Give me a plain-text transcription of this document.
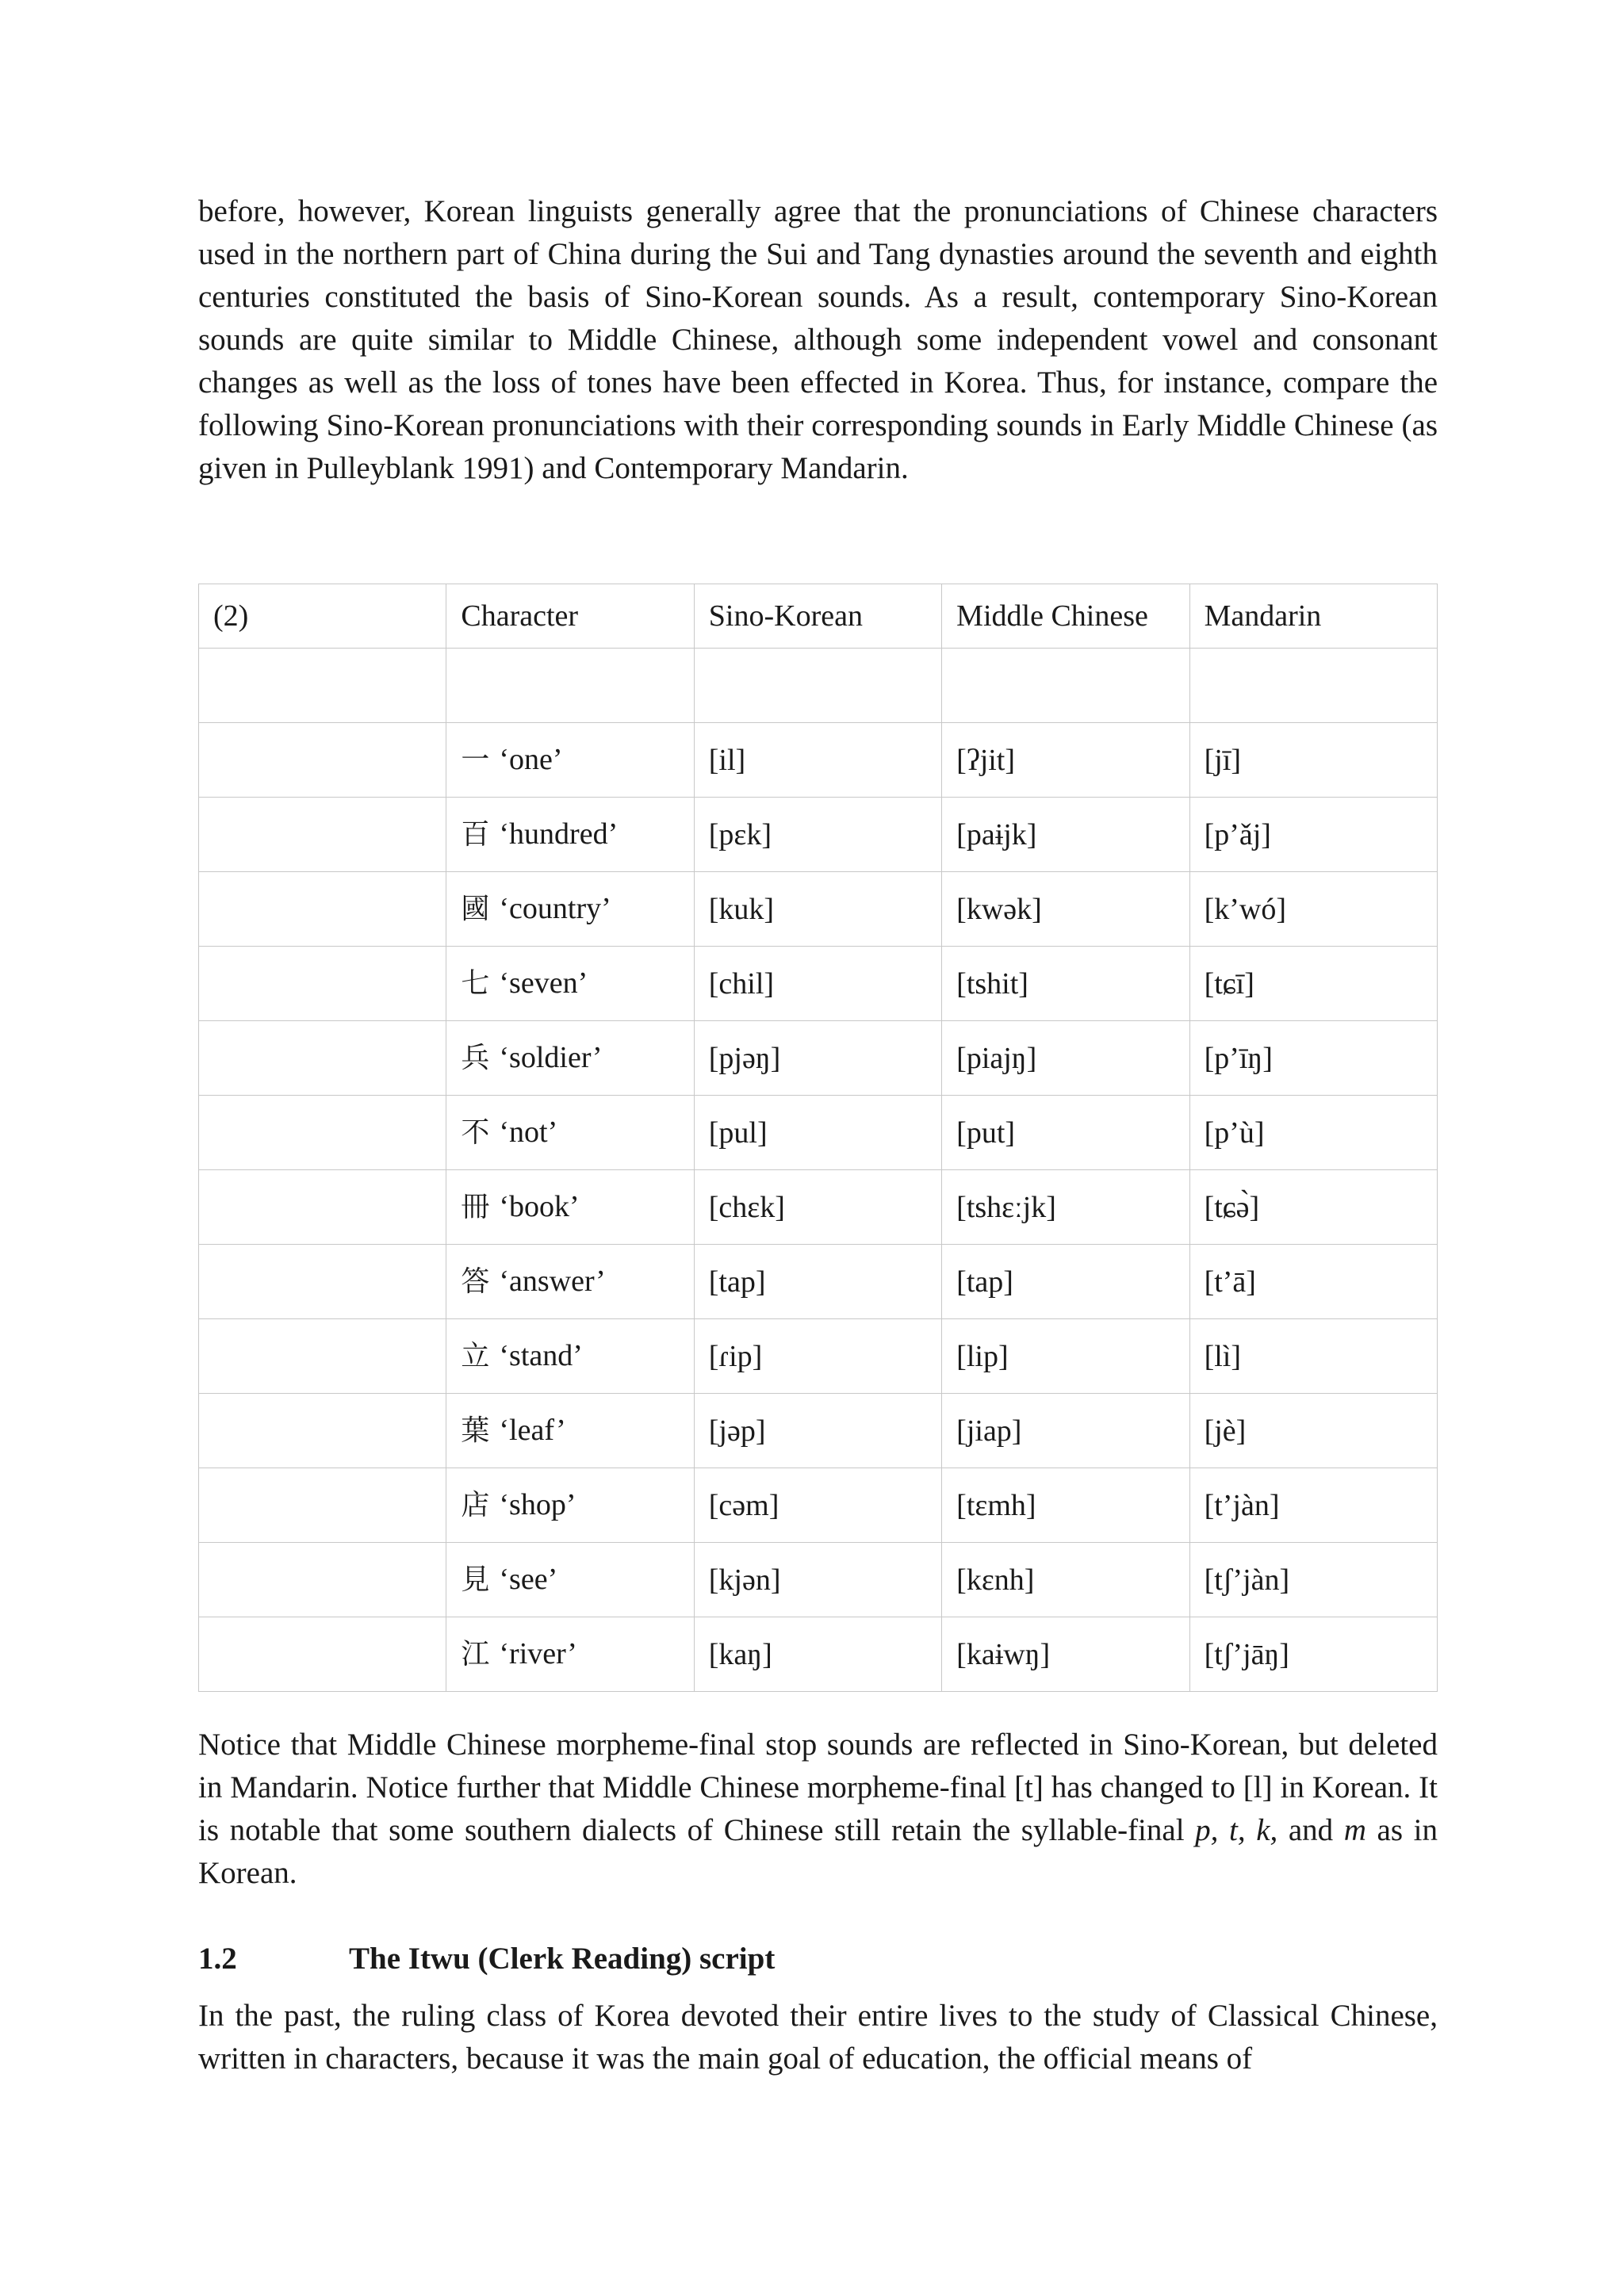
before, however, Korean linguists generally agree that the pronunciations of Chinese characters used in the northern part of China during the Sui and Tang dynasties around the seventh and eighth centuries constituted the basis of Sino-Korean sounds. As a result, contemporary Sino-Korean sounds are quite similar to Middle Chinese, although some independent vowel and consonant changes as well as the loss of tones have been effected in Korea. Thus, for instance, compare the following Sino-Korean pronunciations with their corresponding sounds in Early Middle Chinese (as given in Pulleyblank 1991) and Contemporary Mandarin.

(2)	Character	Sino-Korean	Middle Chinese	Mandarin

	一 ‘one’	[il]	[ʔjit]	[jī]
	百 ‘hundred’	[pɛk]	[paɨjk]	[p’ǎj]
	國 ‘country’	[kuk]	[kwək]	[k’wó]
	七 ‘seven’	[chil]	[tshit]	[tɕī]
	兵 ‘soldier’	[pjəŋ]	[piajŋ]	[p’īŋ]
	不 ‘not’	[pul]	[put]	[p’ù]
	冊 ‘book’	[chɛk]	[tshɛːjk]	[tɕə̀]
	答 ‘answer’	[tap]	[tap]	[t’ā]
	立 ‘stand’	[ɾip]	[lip]	[lì]
	葉 ‘leaf’	[jəp]	[jiap]	[jè]
	店 ‘shop’	[cəm]	[tɛmh]	[t’jàn]
	見 ‘see’	[kjən]	[kɛnh]	[tʃ’jàn]
	江 ‘river’	[kaŋ]	[kaɨwŋ]	[tʃ’jāŋ]

Notice that Middle Chinese morpheme-final stop sounds are reflected in Sino-Korean, but deleted in Mandarin. Notice further that Middle Chinese morpheme-final [t] has changed to [l] in Korean. It is notable that some southern dialects of Chinese still retain the syllable-final p, t, k, and m as in Korean.

1.2	The Itwu (Clerk Reading) script

In the past, the ruling class of Korea devoted their entire lives to the study of Classical Chinese, written in characters, because it was the main goal of education, the official means of
